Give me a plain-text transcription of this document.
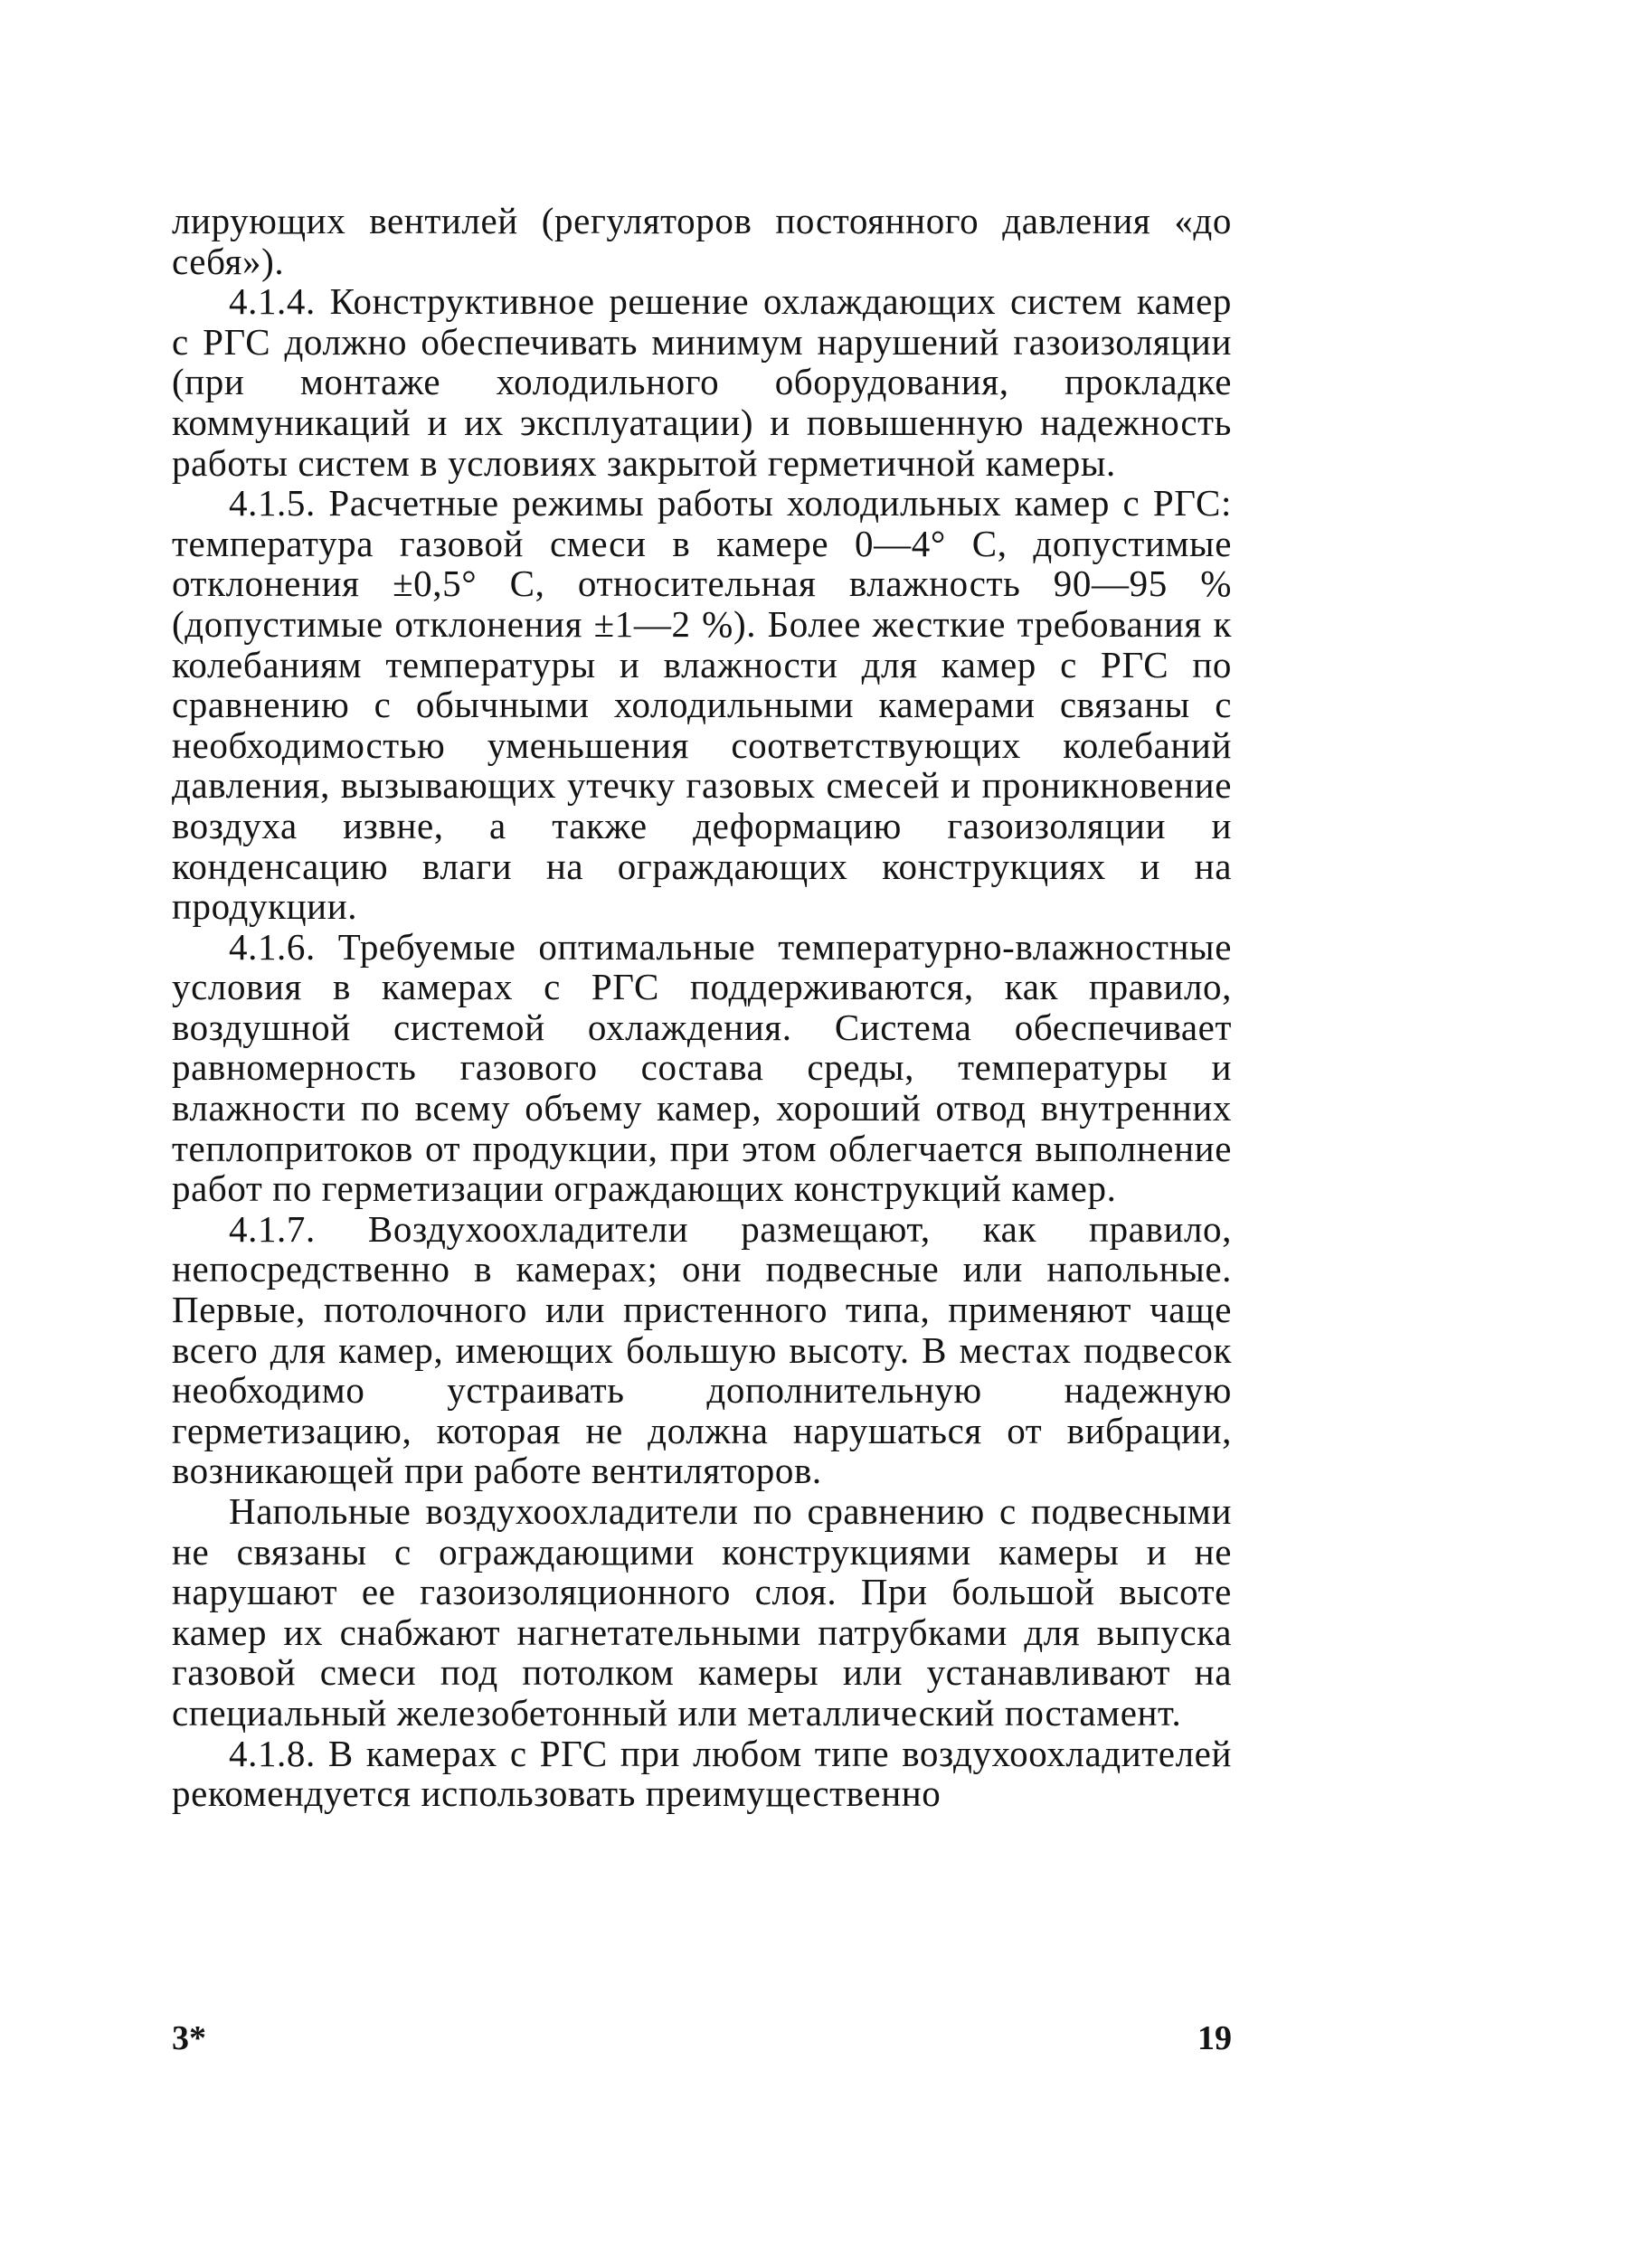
лирующих вентилей (регуляторов постоянного давления «до себя»).

4.1.4. Конструктивное решение охлаждающих систем камер с РГС должно обеспечивать минимум нарушений газоизоляции (при монтаже холодильного оборудования, прокладке коммуникаций и их эксплуатации) и повышенную надежность работы систем в условиях закрытой герметичной камеры.

4.1.5. Расчетные режимы работы холодильных камер с РГС: температура газовой смеси в камере 0—4° С, допустимые отклонения ±0,5° С, относительная влажность 90—95 % (допустимые отклонения ±1—2 %). Более жесткие требования к колебаниям температуры и влажности для камер с РГС по сравнению с обычными холодильными камерами связаны с необходимостью уменьшения соответствующих колебаний давления, вызывающих утечку газовых смесей и проникновение воздуха извне, а также деформацию газоизоляции и конденсацию влаги на ограждающих конструкциях и на продукции.

4.1.6. Требуемые оптимальные температурно-влажностные условия в камерах с РГС поддерживаются, как правило, воздушной системой охлаждения. Система обеспечивает равномерность газового состава среды, температуры и влажности по всему объему камер, хороший отвод внутренних теплопритоков от продукции, при этом облегчается выполнение работ по герметизации ограждающих конструкций камер.

4.1.7. Воздухоохладители размещают, как правило, непосредственно в камерах; они подвесные или напольные. Первые, потолочного или пристенного типа, применяют чаще всего для камер, имеющих большую высоту. В местах подвесок необходимо устраивать дополнительную надежную герметизацию, которая не должна нарушаться от вибрации, возникающей при работе вентиляторов.

Напольные воздухоохладители по сравнению с подвесными не связаны с ограждающими конструкциями камеры и не нарушают ее газоизоляционного слоя. При большой высоте камер их снабжают нагнетательными патрубками для выпуска газовой смеси под потолком камеры или устанавливают на специальный железобетонный или металлический постамент.

4.1.8. В камерах с РГС при любом типе воздухоохладителей рекомендуется использовать преимущественно

3*	19
